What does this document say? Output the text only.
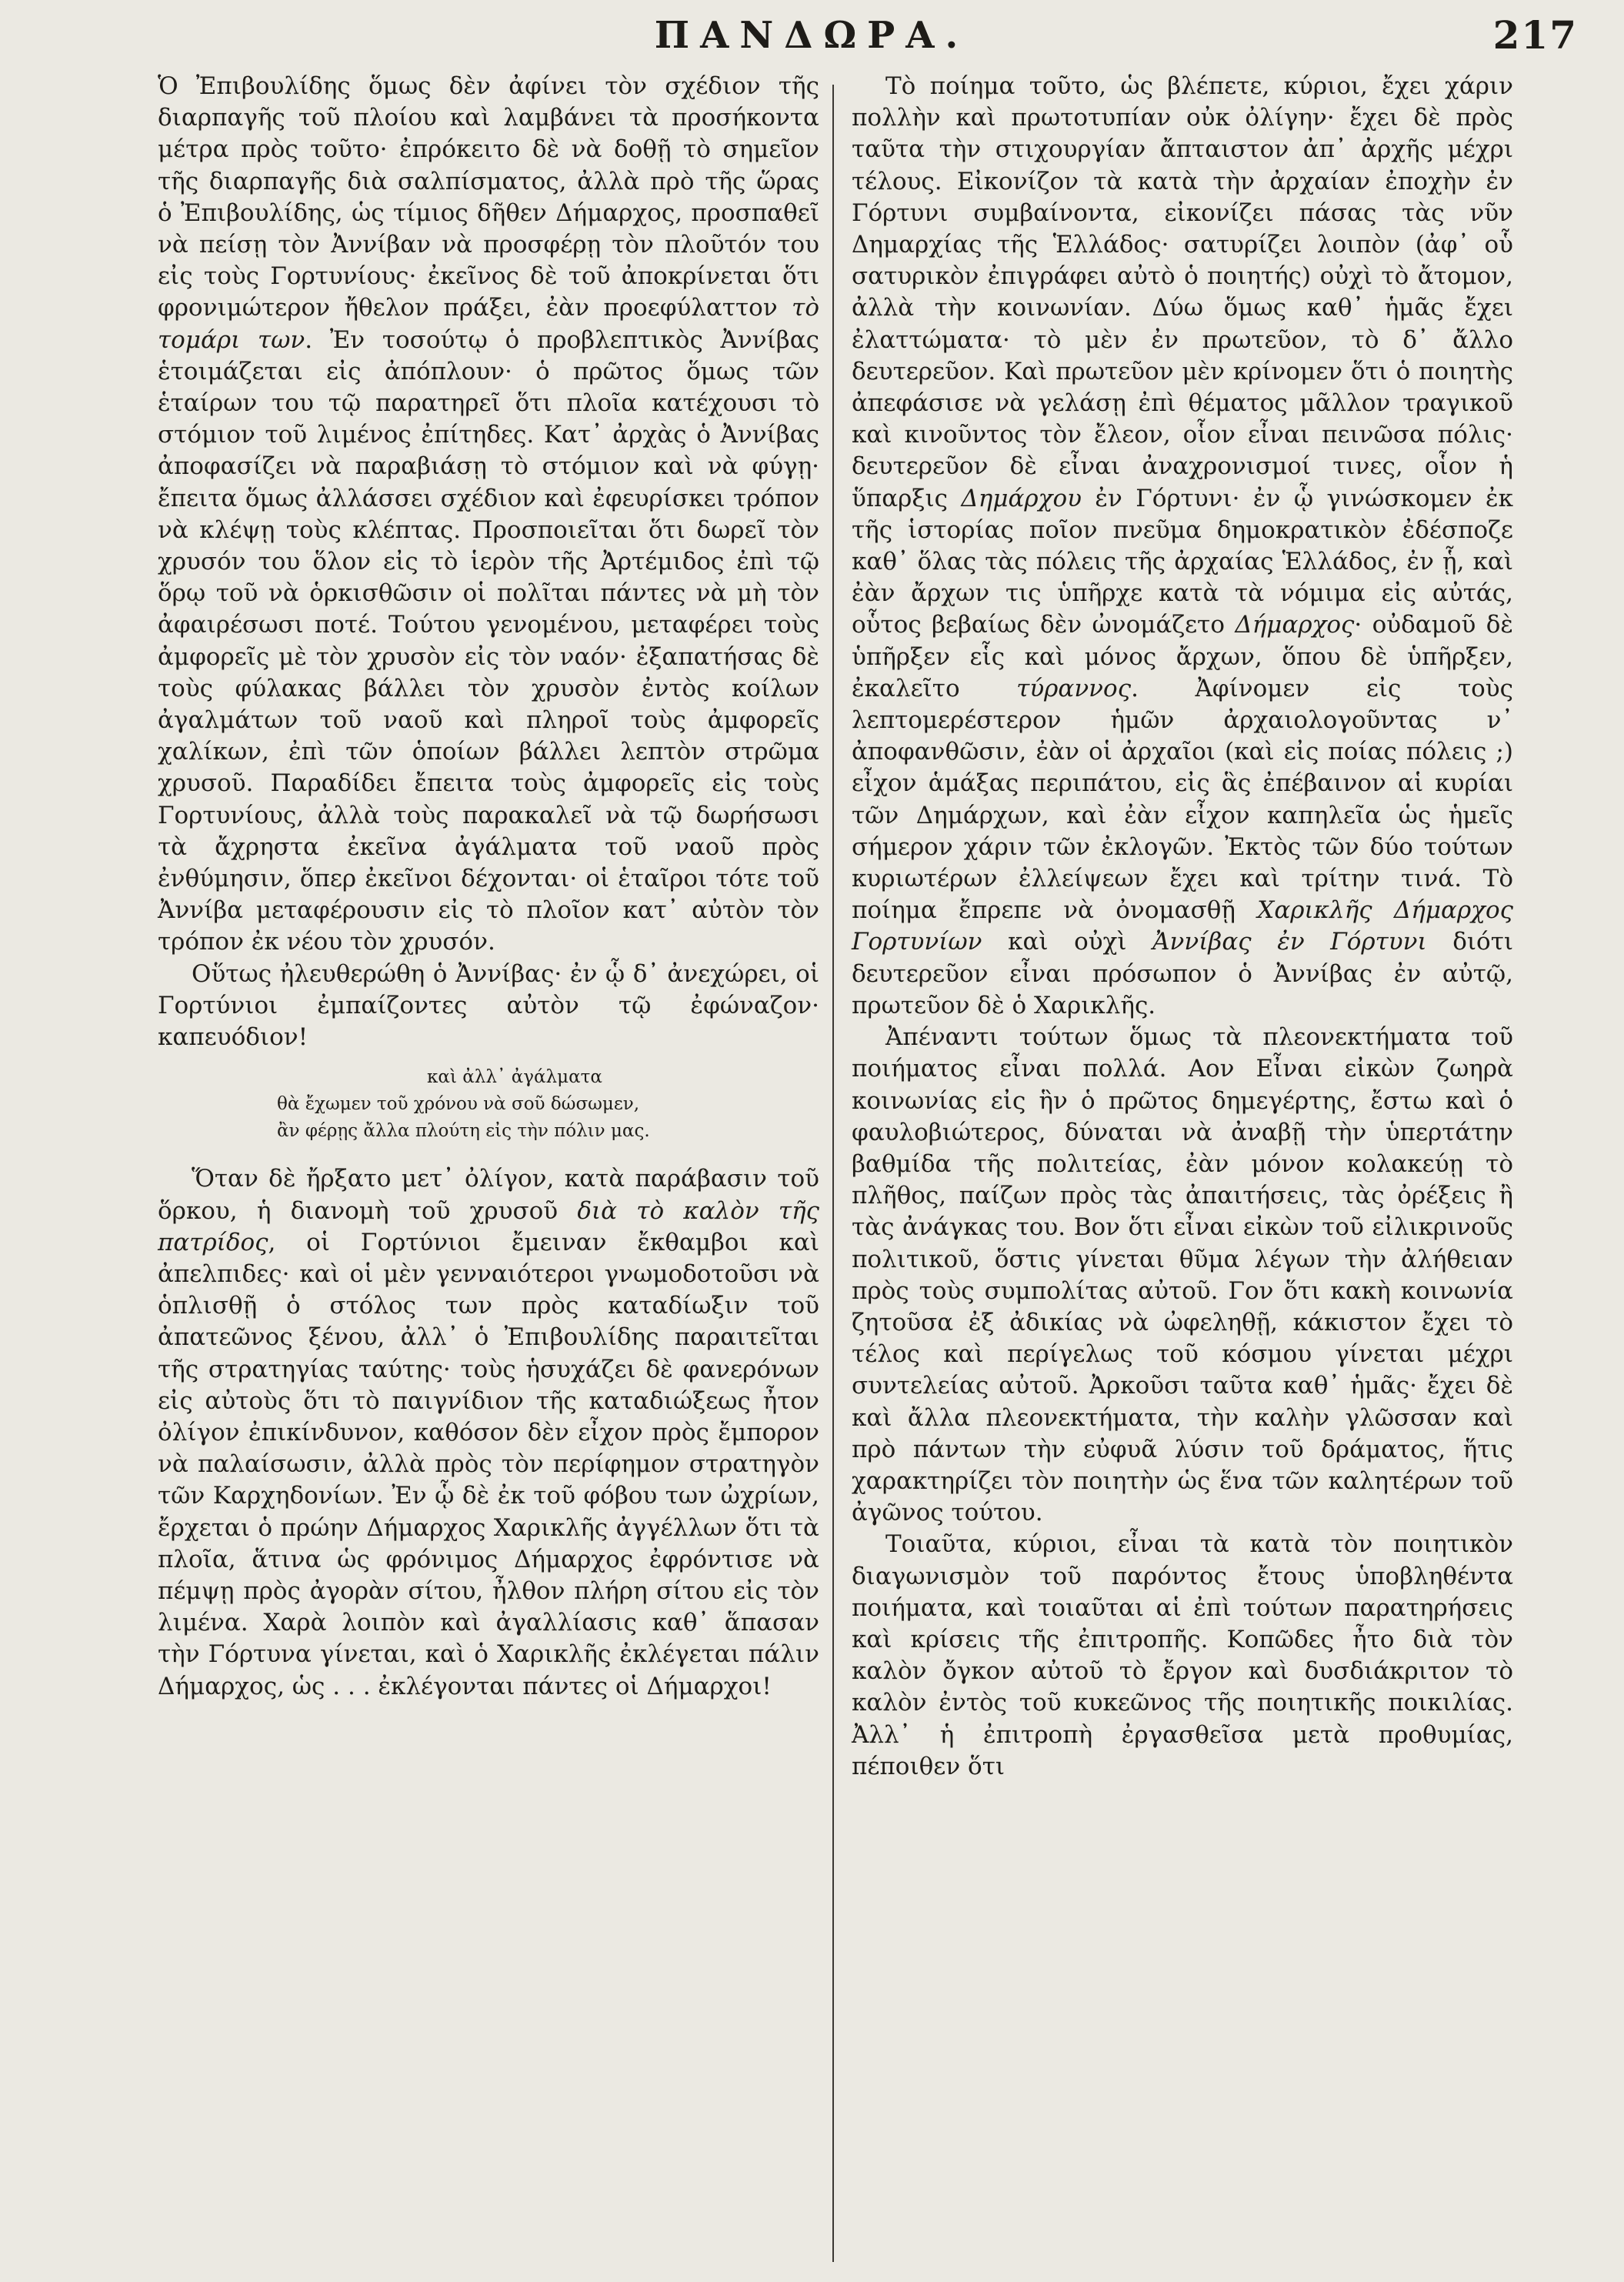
ΠΑΝΔΩΡΑ.	217

Ὁ Ἐπιβουλίδης ὅμως δὲν ἀφίνει τὸν σχέδιον τῆς διαρπαγῆς τοῦ πλοίου καὶ λαμβάνει τὰ προσήκοντα μέτρα πρὸς τοῦτο· ἐπρόκειτο δὲ νὰ δοθῇ τὸ σημεῖον τῆς διαρπαγῆς διὰ σαλπίσματος, ἀλλὰ πρὸ τῆς ὥρας ὁ Ἐπιβουλίδης, ὡς τίμιος δῆθεν Δήμαρχος, προσπαθεῖ νὰ πείσῃ τὸν Ἀννίβαν νὰ προσφέρῃ τὸν πλοῦτόν του εἰς τοὺς Γορτυνίους· ἐκεῖνος δὲ τοῦ ἀποκρίνεται ὅτι φρονιμώτερον ἤθελον πράξει, ἐὰν προεφύλαττον τὸ τομάρι των. Ἐν τοσούτῳ ὁ προβλεπτικὸς Ἀννίβας ἑτοιμάζεται εἰς ἀπόπλουν· ὁ πρῶτος ὅμως τῶν ἑταίρων του τῷ παρατηρεῖ ὅτι πλοῖα κατέχουσι τὸ στόμιον τοῦ λιμένος ἐπίτηδες. Κατ᾽ ἀρχὰς ὁ Ἀννίβας ἀποφασίζει νὰ παραβιάσῃ τὸ στόμιον καὶ νὰ φύγῃ· ἔπειτα ὅμως ἀλλάσσει σχέδιον καὶ ἐφευρίσκει τρόπον νὰ κλέψῃ τοὺς κλέπτας. Προσποιεῖται ὅτι δωρεῖ τὸν χρυσόν του ὅλον εἰς τὸ ἱερὸν τῆς Ἀρτέμιδος ἐπὶ τῷ ὅρῳ τοῦ νὰ ὁρκισθῶσιν οἱ πολῖται πάντες νὰ μὴ τὸν ἀφαιρέσωσι ποτέ. Τούτου γενομένου, μεταφέρει τοὺς ἀμφορεῖς μὲ τὸν χρυσὸν εἰς τὸν ναόν· ἐξαπατήσας δὲ τοὺς φύλακας βάλλει τὸν χρυσὸν ἐντὸς κοίλων ἀγαλμάτων τοῦ ναοῦ καὶ πληροῖ τοὺς ἀμφορεῖς χαλίκων, ἐπὶ τῶν ὁποίων βάλλει λεπτὸν στρῶμα χρυσοῦ. Παραδίδει ἔπειτα τοὺς ἀμφορεῖς εἰς τοὺς Γορτυνίους, ἀλλὰ τοὺς παρακαλεῖ νὰ τῷ δωρήσωσι τὰ ἄχρηστα ἐκεῖνα ἀγάλματα τοῦ ναοῦ πρὸς ἐνθύμησιν, ὅπερ ἐκεῖνοι δέχονται· οἱ ἑταῖροι τότε τοῦ Ἀννίβα μεταφέρουσιν εἰς τὸ πλοῖον κατ᾽ αὐτὸν τὸν τρόπον ἐκ νέου τὸν χρυσόν.

Οὕτως ἠλευθερώθη ὁ Ἀννίβας· ἐν ᾧ δ᾽ ἀνεχώρει, οἱ Γορτύνιοι ἐμπαίζοντες αὐτὸν τῷ ἐφώναζον· καπευόδιον!

καὶ ἀλλ᾽ ἀγάλματα
θὰ ἔχωμεν τοῦ χρόνου νὰ σοῦ δώσωμεν,
ἂν φέρῃς ἄλλα πλούτη εἰς τὴν πόλιν μας.

Ὅταν δὲ ἤρξατο μετ᾽ ὀλίγον, κατὰ παράβασιν τοῦ ὅρκου, ἡ διανομὴ τοῦ χρυσοῦ διὰ τὸ καλὸν τῆς πατρίδος, οἱ Γορτύνιοι ἔμειναν ἔκθαμβοι καὶ ἀπελπιδες· καὶ οἱ μὲν γενναιότεροι γνωμοδοτοῦσι νὰ ὁπλισθῇ ὁ στόλος των πρὸς καταδίωξιν τοῦ ἀπατεῶνος ξένου, ἀλλ᾽ ὁ Ἐπιβουλίδης παραιτεῖται τῆς στρατηγίας ταύτης· τοὺς ἡσυχάζει δὲ φανερόνων εἰς αὐτοὺς ὅτι τὸ παιγνίδιον τῆς καταδιώξεως ἦτον ὀλίγον ἐπικίνδυνον, καθόσον δὲν εἶχον πρὸς ἔμπορον νὰ παλαίσωσιν, ἀλλὰ πρὸς τὸν περίφημον στρατηγὸν τῶν Καρχηδονίων. Ἐν ᾧ δὲ ἐκ τοῦ φόβου των ὠχρίων, ἔρχεται ὁ πρώην Δήμαρχος Χαρικλῆς ἀγγέλλων ὅτι τὰ πλοῖα, ἅτινα ὡς φρόνιμος Δήμαρχος ἐφρόντισε νὰ πέμψῃ πρὸς ἀγορὰν σίτου, ἦλθον πλήρη σίτου εἰς τὸν λιμένα. Χαρὰ λοιπὸν καὶ ἀγαλλίασις καθ᾽ ἅπασαν τὴν Γόρτυνα γίνεται, καὶ ὁ Χαρικλῆς ἐκλέγεται πάλιν Δήμαρχος, ὡς . . . ἐκλέγονται πάντες οἱ Δήμαρχοι!

Τὸ ποίημα τοῦτο, ὡς βλέπετε, κύριοι, ἔχει χάριν πολλὴν καὶ πρωτοτυπίαν οὐκ ὀλίγην· ἔχει δὲ πρὸς ταῦτα τὴν στιχουργίαν ἄπταιστον ἀπ᾽ ἀρχῆς μέχρι τέλους. Εἰκονίζον τὰ κατὰ τὴν ἀρχαίαν ἐποχὴν ἐν Γόρτυνι συμβαίνοντα, εἰκονίζει πάσας τὰς νῦν Δημαρχίας τῆς Ἑλλάδος· σατυρίζει λοιπὸν (ἀφ᾽ οὗ σατυρικὸν ἐπιγράφει αὐτὸ ὁ ποιητής) οὐχὶ τὸ ἄτομον, ἀλλὰ τὴν κοινωνίαν. Δύω ὅμως καθ᾽ ἡμᾶς ἔχει ἐλαττώματα· τὸ μὲν ἐν πρωτεῦον, τὸ δ᾽ ἄλλο δευτερεῦον. Καὶ πρωτεῦον μὲν κρίνομεν ὅτι ὁ ποιητὴς ἀπεφάσισε νὰ γελάσῃ ἐπὶ θέματος μᾶλλον τραγικοῦ καὶ κινοῦντος τὸν ἔλεον, οἷον εἶναι πεινῶσα πόλις· δευτερεῦον δὲ εἶναι ἀναχρονισμοί τινες, οἷον ἡ ὕπαρξις Δημάρχου ἐν Γόρτυνι· ἐν ᾧ γινώσκομεν ἐκ τῆς ἱστορίας ποῖον πνεῦμα δημοκρατικὸν ἐδέσποζε καθ᾽ ὅλας τὰς πόλεις τῆς ἀρχαίας Ἑλλάδος, ἐν ᾗ, καὶ ἐὰν ἄρχων τις ὑπῆρχε κατὰ τὰ νόμιμα εἰς αὐτάς, οὗτος βεβαίως δὲν ὠνομάζετο Δήμαρχος· οὐδαμοῦ δὲ ὑπῆρξεν εἷς καὶ μόνος ἄρχων, ὅπου δὲ ὑπῆρξεν, ἐκαλεῖτο τύραννος. Ἀφίνομεν εἰς τοὺς λεπτομερέστερον ἡμῶν ἀρχαιολογοῦντας ν᾽ ἀποφανθῶσιν, ἐὰν οἱ ἀρχαῖοι (καὶ εἰς ποίας πόλεις ;) εἶχον ἁμάξας περιπάτου, εἰς ἃς ἐπέβαινον αἱ κυρίαι τῶν Δημάρχων, καὶ ἐὰν εἶχον καπηλεῖα ὡς ἡμεῖς σήμερον χάριν τῶν ἐκλογῶν. Ἐκτὸς τῶν δύο τούτων κυριωτέρων ἐλλείψεων ἔχει καὶ τρίτην τινά. Τὸ ποίημα ἔπρεπε νὰ ὀνομασθῇ Χαρικλῆς Δήμαρχος Γορτυνίων καὶ οὐχὶ Ἀννίβας ἐν Γόρτυνι διότι δευτερεῦον εἶναι πρόσωπον ὁ Ἀννίβας ἐν αὐτῷ, πρωτεῦον δὲ ὁ Χαρικλῆς.

Ἀπέναντι τούτων ὅμως τὰ πλεονεκτήματα τοῦ ποιήματος εἶναι πολλά. Αον Εἶναι εἰκὼν ζωηρὰ κοινωνίας εἰς ἣν ὁ πρῶτος δημεγέρτης, ἔστω καὶ ὁ φαυλοβιώτερος, δύναται νὰ ἀναβῇ τὴν ὑπερτάτην βαθμίδα τῆς πολιτείας, ἐὰν μόνον κολακεύῃ τὸ πλῆθος, παίζων πρὸς τὰς ἀπαιτήσεις, τὰς ὀρέξεις ἢ τὰς ἀνάγκας του. Βον ὅτι εἶναι εἰκὼν τοῦ εἰλικρινοῦς πολιτικοῦ, ὅστις γίνεται θῦμα λέγων τὴν ἀλήθειαν πρὸς τοὺς συμπολίτας αὐτοῦ. Γον ὅτι κακὴ κοινωνία ζητοῦσα ἐξ ἀδικίας νὰ ὠφεληθῇ, κάκιστον ἔχει τὸ τέλος καὶ περίγελως τοῦ κόσμου γίνεται μέχρι συντελείας αὐτοῦ. Ἀρκοῦσι ταῦτα καθ᾽ ἡμᾶς· ἔχει δὲ καὶ ἄλλα πλεονεκτήματα, τὴν καλὴν γλῶσσαν καὶ πρὸ πάντων τὴν εὐφυᾶ λύσιν τοῦ δράματος, ἥτις χαρακτηρίζει τὸν ποιητὴν ὡς ἕνα τῶν καλητέρων τοῦ ἀγῶνος τούτου.

Τοιαῦτα, κύριοι, εἶναι τὰ κατὰ τὸν ποιητικὸν διαγωνισμὸν τοῦ παρόντος ἔτους ὑποβληθέντα ποιήματα, καὶ τοιαῦται αἱ ἐπὶ τούτων παρατηρήσεις καὶ κρίσεις τῆς ἐπιτροπῆς. Κοπῶδες ἦτο διὰ τὸν καλὸν ὄγκον αὐτοῦ τὸ ἔργον καὶ δυσδιάκριτον τὸ καλὸν ἐντὸς τοῦ κυκεῶνος τῆς ποιητικῆς ποικιλίας. Ἀλλ᾽ ἡ ἐπιτροπὴ ἐργασθεῖσα μετὰ προθυμίας, πέποιθεν ὅτι
